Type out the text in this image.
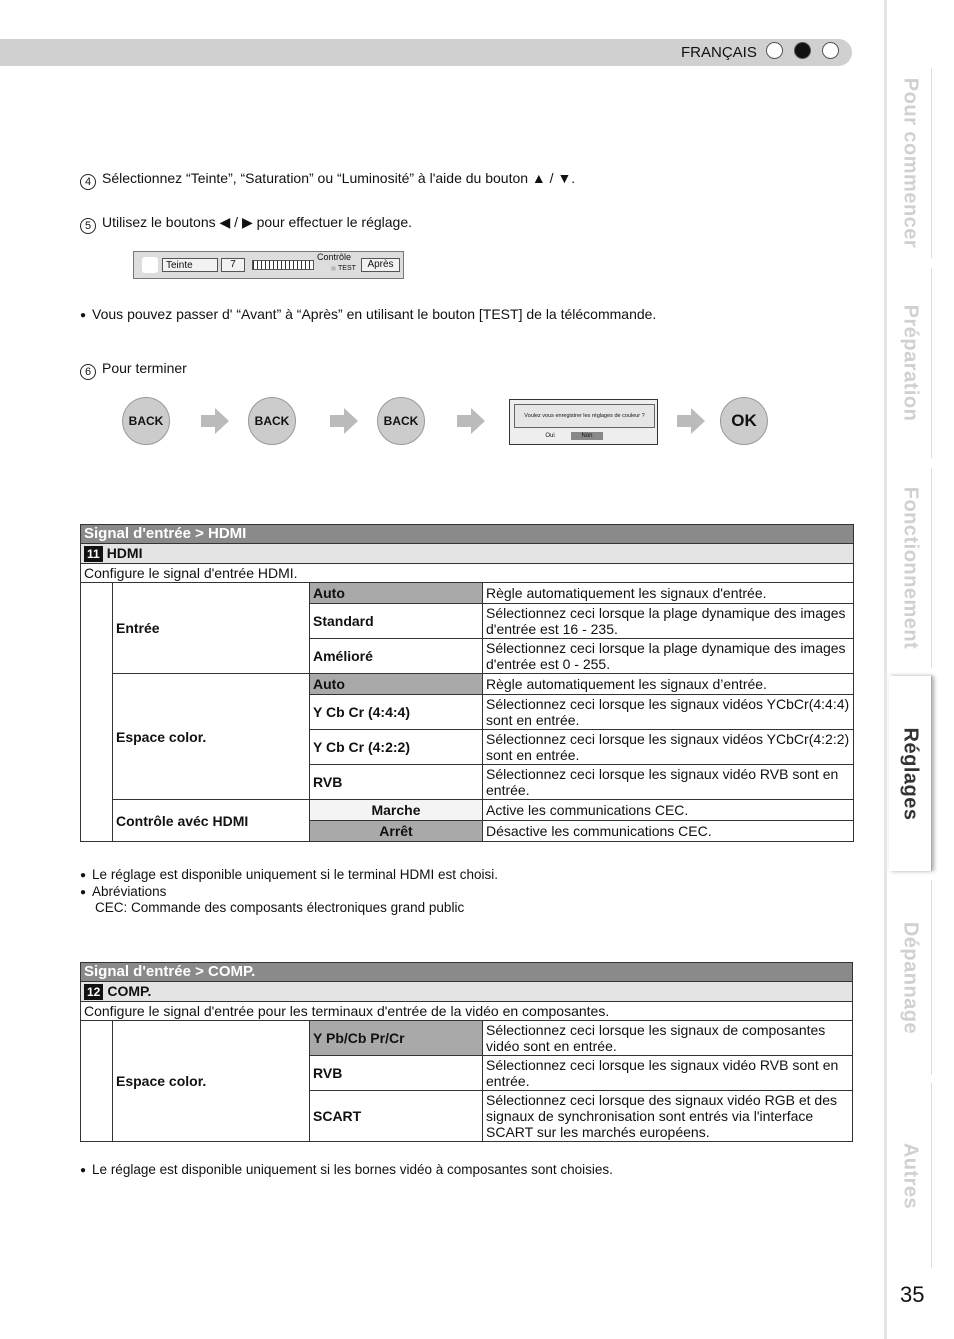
FRANÇAIS
Pour commencer
Préparation
Fonctionnement
Réglages
Dépannage
Autres
35
4 Sélectionnez “Teinte”, “Saturation” ou “Luminosité” à l'aide du bouton ▲ / ▼.
5 Utilisez le boutons ◀ / ▶ pour effectuer le réglage.
Teinte	7
Contrôle
TEST	Après
● Vous pouvez passer d' “Avant” à “Après” en utilisant le bouton [TEST] de la télécommande.
6 Pour terminer
BACK	BACK	BACK	Voulez vous enregistrer les réglages de couleur ?
Oui	Non
OK
Signal d'entrée > HDMI			
11 HDMI			
Configure le signal d'entrée HDMI.			
	Entrée	Auto	Règle automatiquement les signaux d'entrée.
		Standard	Sélectionnez ceci lorsque la plage dynamique des images d'entrée est 16 - 235.
		Amélioré	Sélectionnez ceci lorsque la plage dynamique des images d'entrée est 0 - 255.
	Espace color.	Auto	Règle automatiquement les signaux d’entrée.
		Y Cb Cr (4:4:4)	Sélectionnez ceci lorsque les signaux vidéos YCbCr(4:4:4) sont en entrée.
		Y Cb Cr (4:2:2)	Sélectionnez ceci lorsque les signaux vidéos YCbCr(4:2:2) sont en entrée.
		RVB	Sélectionnez ceci lorsque les signaux vidéo RVB sont en entrée.
	Contrôle avéc HDMI	Marche	Active les communications CEC.
		Arrêt	Désactive les communications CEC.
● Le réglage est disponible uniquement si le terminal HDMI est choisi.
● Abréviations
CEC: Commande des composants électroniques grand public
Signal d'entrée > COMP.			
12 COMP.			
Configure le signal d'entrée pour les terminaux d'entrée de la vidéo en composantes.			
	Espace color.	Y Pb/Cb Pr/Cr	Sélectionnez ceci lorsque les signaux de composantes vidéo sont en entrée.
		RVB	Sélectionnez ceci lorsque les signaux vidéo RVB sont en entrée.
		SCART	Sélectionnez ceci lorsque des signaux vidéo RGB et des signaux de synchronisation sont entrés via l'interface SCART sur les marchés européens.
● Le réglage est disponible uniquement si les bornes vidéo à composantes sont choisies.
